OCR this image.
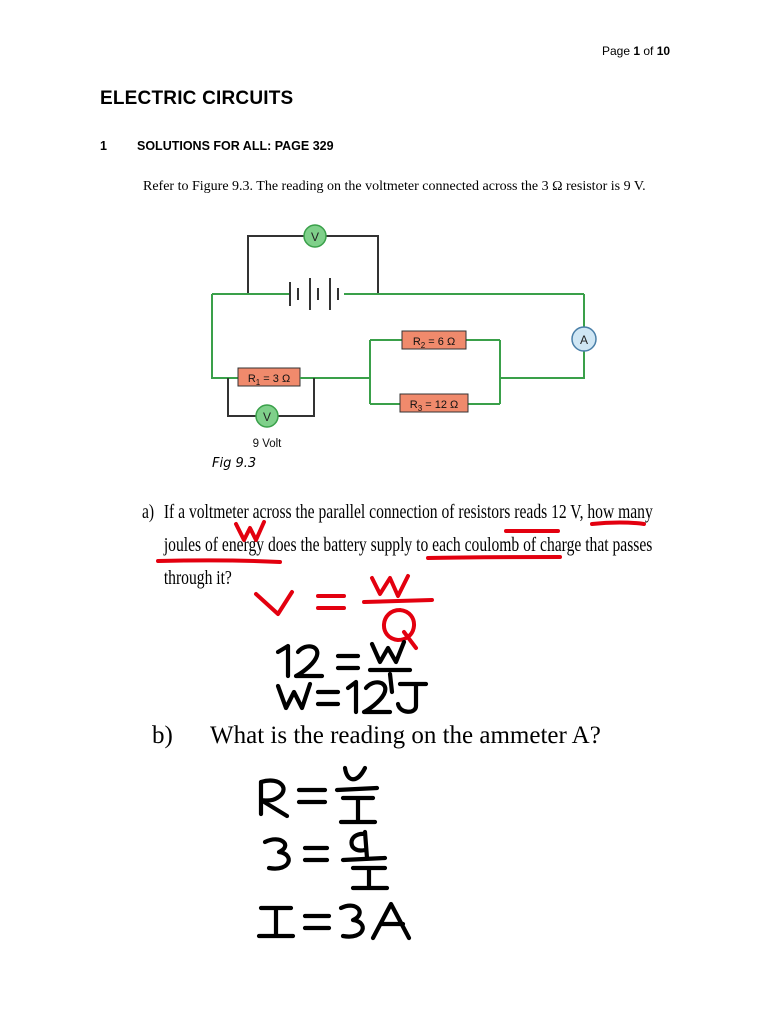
Page 1 of 10
ELECTRIC CIRCUITS
1 SOLUTIONS FOR ALL: PAGE 329
Refer to Figure 9.3. The reading on the voltmeter connected across the 3 Ω resistor is 9 V.
V
A
$R_1 = 3$ Ω
V
9 Volt
$R_2 = 6$ Ω
$R_3 = 12$ Ω
Fig 9.3
a) If a voltmeter across the parallel connection of resistors reads 12 V, how many
joules of energy does the battery supply to each coulomb of charge that passes
through it?
b) What is the reading on the ammeter A?
